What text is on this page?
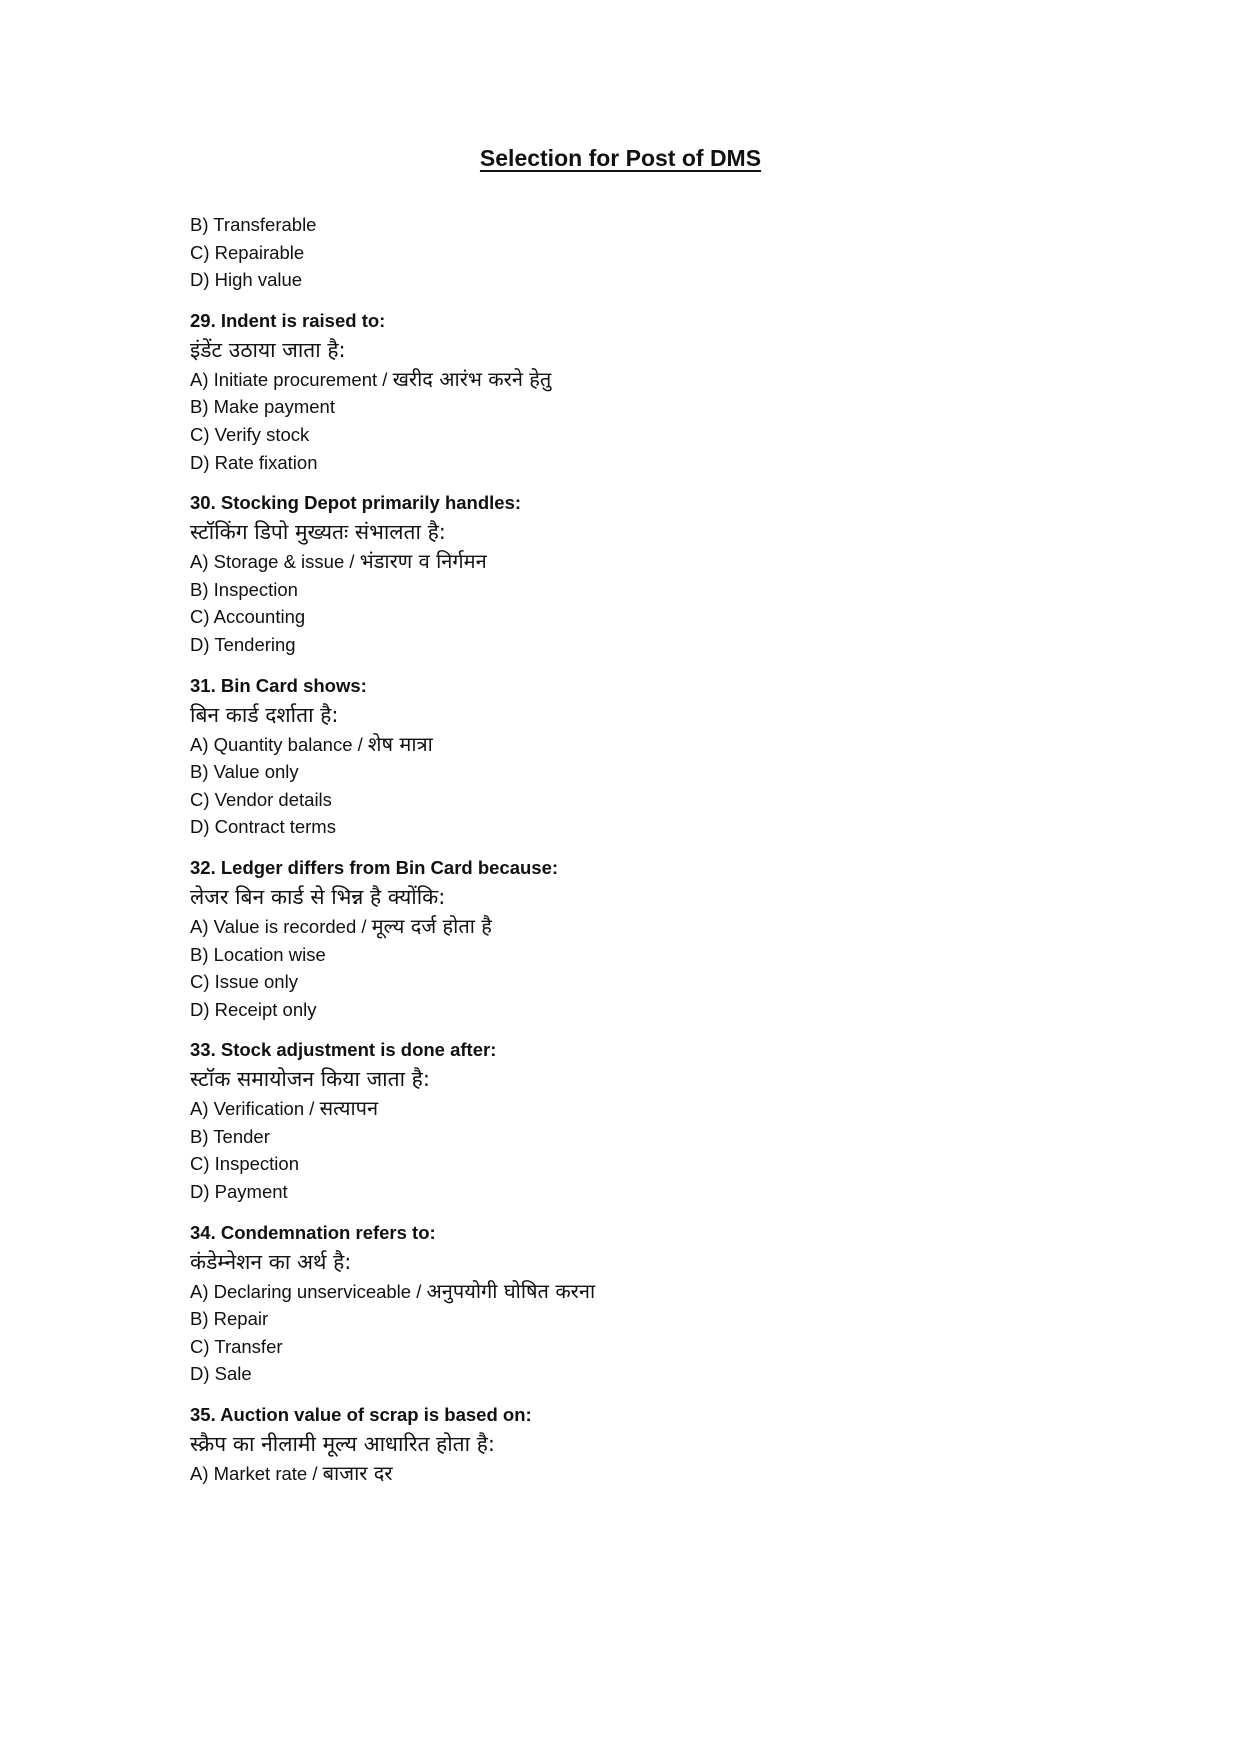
Selection for Post of DMS
B) Transferable
C) Repairable
D) High value
29. Indent is raised to:
इंडेंट उठाया जाता है:
A) Initiate procurement / खरीद आरंभ करने हेतु
B) Make payment
C) Verify stock
D) Rate fixation
30. Stocking Depot primarily handles:
स्टॉकिंग डिपो मुख्यतः संभालता है:
A) Storage & issue / भंडारण व निर्गमन
B) Inspection
C) Accounting
D) Tendering
31. Bin Card shows:
बिन कार्ड दर्शाता है:
A) Quantity balance / शेष मात्रा
B) Value only
C) Vendor details
D) Contract terms
32. Ledger differs from Bin Card because:
लेजर बिन कार्ड से भिन्न है क्योंकि:
A) Value is recorded / मूल्य दर्ज होता है
B) Location wise
C) Issue only
D) Receipt only
33. Stock adjustment is done after:
स्टॉक समायोजन किया जाता है:
A) Verification / सत्यापन
B) Tender
C) Inspection
D) Payment
34. Condemnation refers to:
कंडेम्नेशन का अर्थ है:
A) Declaring unserviceable / अनुपयोगी घोषित करना
B) Repair
C) Transfer
D) Sale
35. Auction value of scrap is based on:
स्क्रैप का नीलामी मूल्य आधारित होता है:
A) Market rate / बाजार दर
